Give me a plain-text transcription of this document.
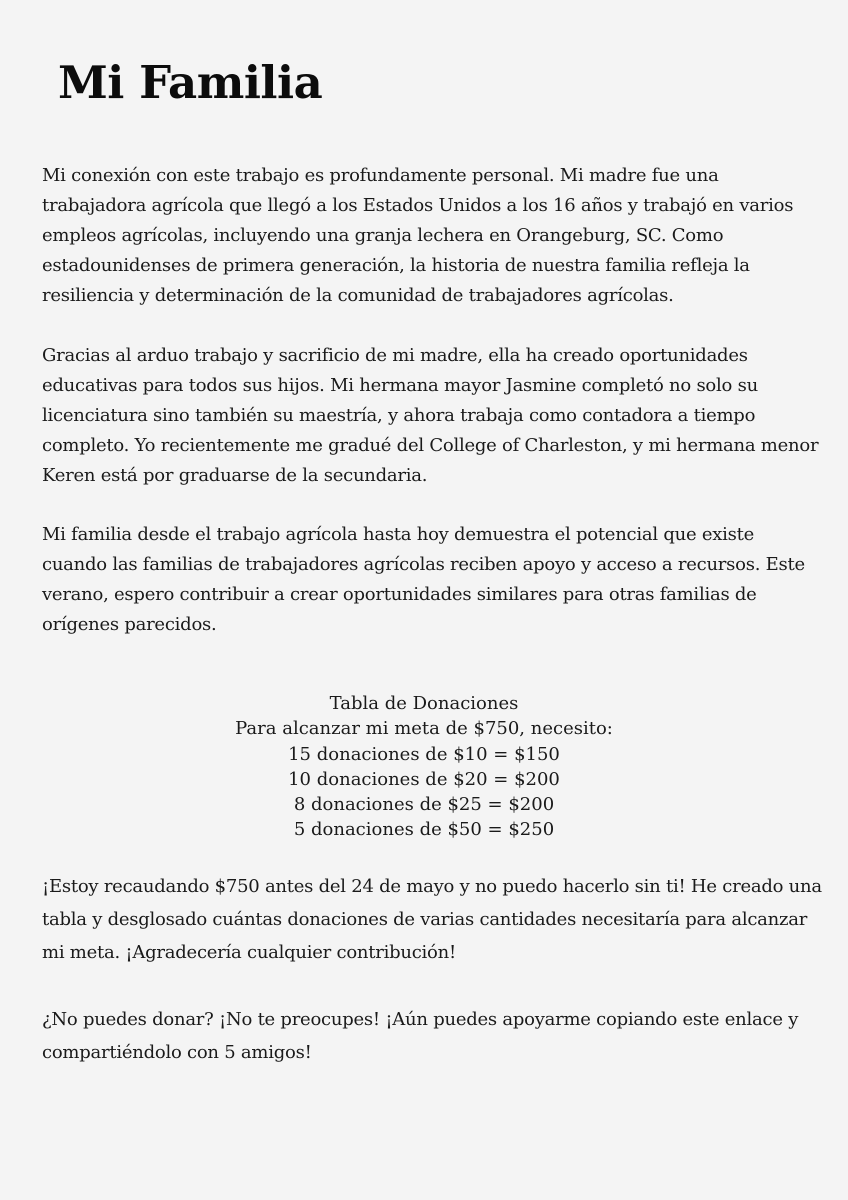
Mi Familia

Mi conexión con este trabajo es profundamente personal. Mi madre fue una trabajadora agrícola que llegó a los Estados Unidos a los 16 años y trabajó en varios empleos agrícolas, incluyendo una granja lechera en Orangeburg, SC. Como estadounidenses de primera generación, la historia de nuestra familia refleja la resiliencia y determinación de la comunidad de trabajadores agrícolas.

Gracias al arduo trabajo y sacrificio de mi madre, ella ha creado oportunidades educativas para todos sus hijos. Mi hermana mayor Jasmine completó no solo su licenciatura sino también su maestría, y ahora trabaja como contadora a tiempo completo. Yo recientemente me gradué del College of Charleston, y mi hermana menor Keren está por graduarse de la secundaria.

Mi familia desde el trabajo agrícola hasta hoy demuestra el potencial que existe cuando las familias de trabajadores agrícolas reciben apoyo y acceso a recursos. Este verano, espero contribuir a crear oportunidades similares para otras familias de orígenes parecidos.

Tabla de Donaciones
Para alcanzar mi meta de $750, necesito:
15 donaciones de $10 = $150
10 donaciones de $20 = $200
8 donaciones de $25 = $200
5 donaciones de $50 = $250

¡Estoy recaudando $750 antes del 24 de mayo y no puedo hacerlo sin ti! He creado una tabla y desglosado cuántas donaciones de varias cantidades necesitaría para alcanzar mi meta. ¡Agradecería cualquier contribución!

¿No puedes donar? ¡No te preocupes! ¡Aún puedes apoyarme copiando este enlace y compartiéndolo con 5 amigos!
